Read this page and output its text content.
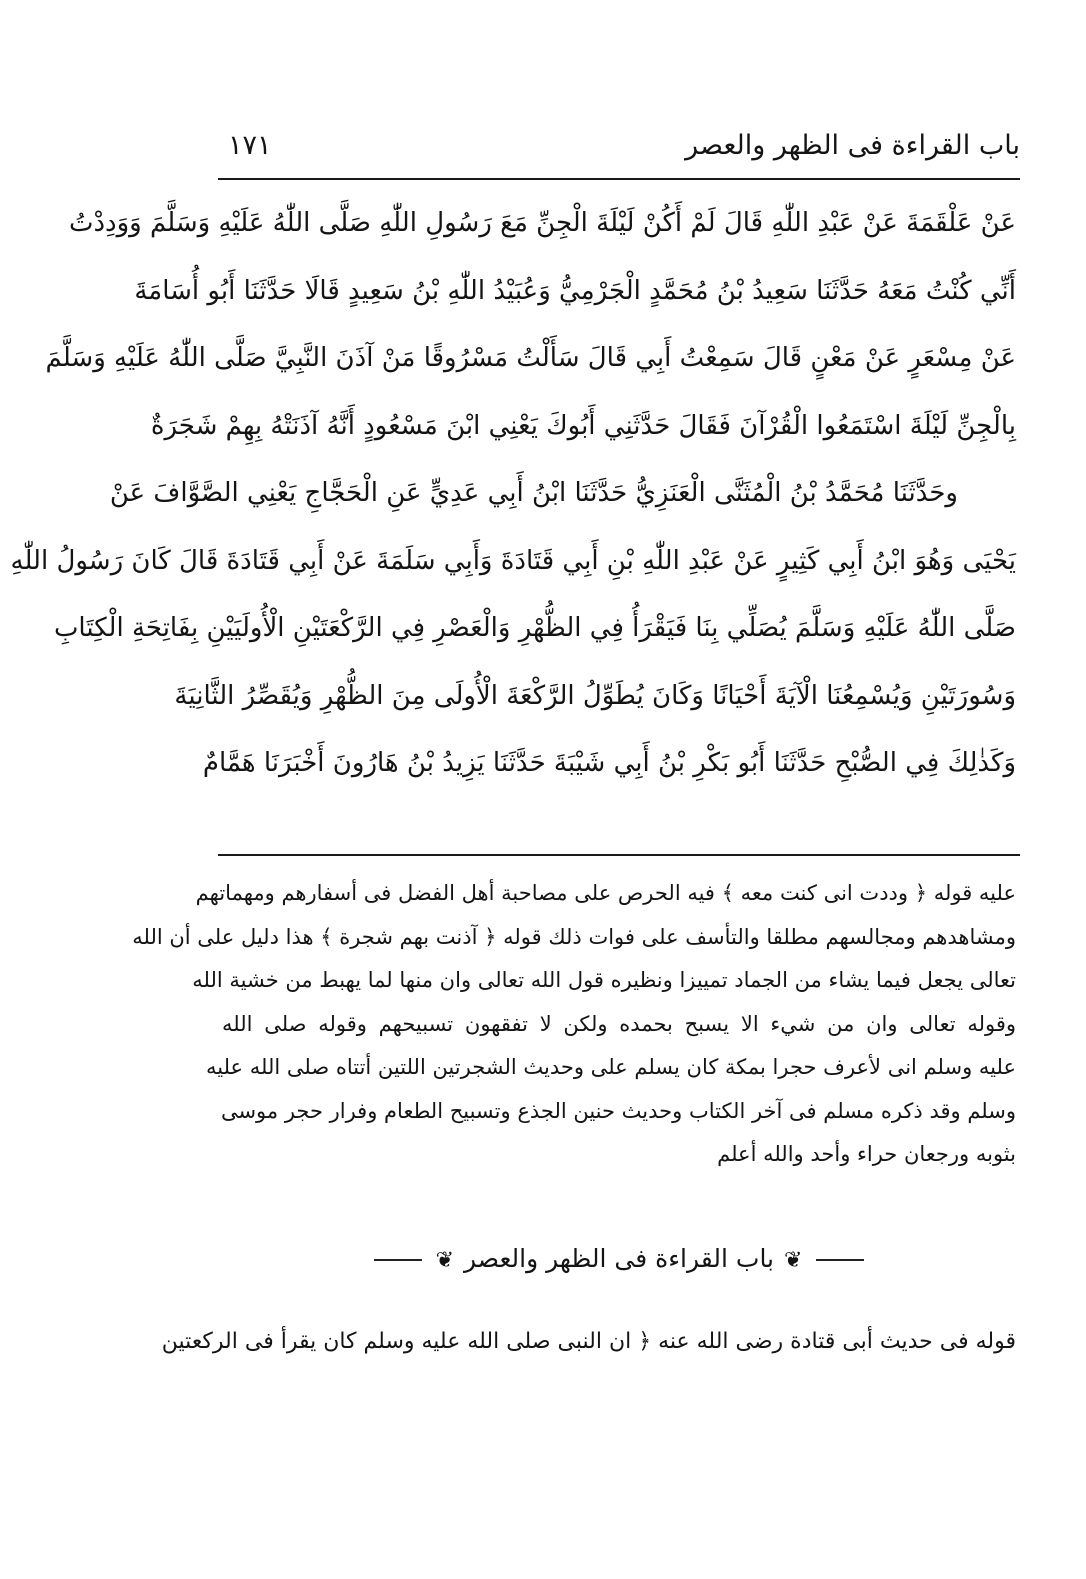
باب القراءة فى الظهر والعصر
١٧١
عَنْ عَلْقَمَةَ عَنْ عَبْدِ اللّٰهِ قَالَ لَمْ أَكُنْ لَيْلَةَ الْجِنِّ مَعَ رَسُولِ اللّٰهِ صَلَّى اللّٰهُ عَلَيْهِ وَسَلَّمَ وَوَدِدْتُ
أَنِّي كُنْتُ مَعَهُ حَدَّثَنَا سَعِيدُ بْنُ مُحَمَّدٍ الْجَرْمِيُّ وَعُبَيْدُ اللّٰهِ بْنُ سَعِيدٍ قَالَا حَدَّثَنَا أَبُو أُسَامَةَ
عَنْ مِسْعَرٍ عَنْ مَعْنٍ قَالَ سَمِعْتُ أَبِي قَالَ سَأَلْتُ مَسْرُوقًا مَنْ آذَنَ النَّبِيَّ صَلَّى اللّٰهُ عَلَيْهِ وَسَلَّمَ
بِالْجِنِّ لَيْلَةَ اسْتَمَعُوا الْقُرْآنَ فَقَالَ حَدَّثَنِي أَبُوكَ يَعْنِي ابْنَ مَسْعُودٍ أَنَّهُ آذَنَتْهُ بِهِمْ شَجَرَةٌ
وحَدَّثَنَا مُحَمَّدُ بْنُ الْمُثَنَّى الْعَنَزِيُّ حَدَّثَنَا ابْنُ أَبِي عَدِيٍّ عَنِ الْحَجَّاجِ يَعْنِي الصَّوَّافَ عَنْ
يَحْيَى وَهُوَ ابْنُ أَبِي كَثِيرٍ عَنْ عَبْدِ اللّٰهِ بْنِ أَبِي قَتَادَةَ وَأَبِي سَلَمَةَ عَنْ أَبِي قَتَادَةَ قَالَ كَانَ رَسُولُ اللّٰهِ
صَلَّى اللّٰهُ عَلَيْهِ وَسَلَّمَ يُصَلِّي بِنَا فَيَقْرَأُ فِي الظُّهْرِ وَالْعَصْرِ فِي الرَّكْعَتَيْنِ الْأُولَيَيْنِ بِفَاتِحَةِ الْكِتَابِ
وَسُورَتَيْنِ وَيُسْمِعُنَا الْآيَةَ أَحْيَانًا وَكَانَ يُطَوِّلُ الرَّكْعَةَ الْأُولَى مِنَ الظُّهْرِ وَيُقَصِّرُ الثَّانِيَةَ
وَكَذٰلِكَ فِي الصُّبْحِ حَدَّثَنَا أَبُو بَكْرِ بْنُ أَبِي شَيْبَةَ حَدَّثَنَا يَزِيدُ بْنُ هَارُونَ أَخْبَرَنَا هَمَّامٌ
عليه قوله ﴿ وددت انى كنت معه ﴾ فيه الحرص على مصاحبة أهل الفضل فى أسفارهم ومهماتهم
ومشاهدهم ومجالسهم مطلقا والتأسف على فوات ذلك قوله ﴿ آذنت بهم شجرة ﴾ هذا دليل على أن الله
تعالى يجعل فيما يشاء من الجماد تمييزا ونظيره قول الله تعالى وان منها لما يهبط من خشية الله
وقوله تعالى وان من شيء الا يسبح بحمده ولكن لا تفقهون تسبيحهم وقوله صلى الله
عليه وسلم انى لأعرف حجرا بمكة كان يسلم على وحديث الشجرتين اللتين أتتاه صلى الله عليه
وسلم وقد ذكره مسلم فى آخر الكتاب وحديث حنين الجذع وتسبيح الطعام وفرار حجر موسى
بثوبه ورجعان حراء وأحد والله أعلم
❦ باب القراءة فى الظهر والعصر ❦
قوله فى حديث أبى قتادة رضى الله عنه ﴿ ان النبى صلى الله عليه وسلم كان يقرأ فى الركعتين
